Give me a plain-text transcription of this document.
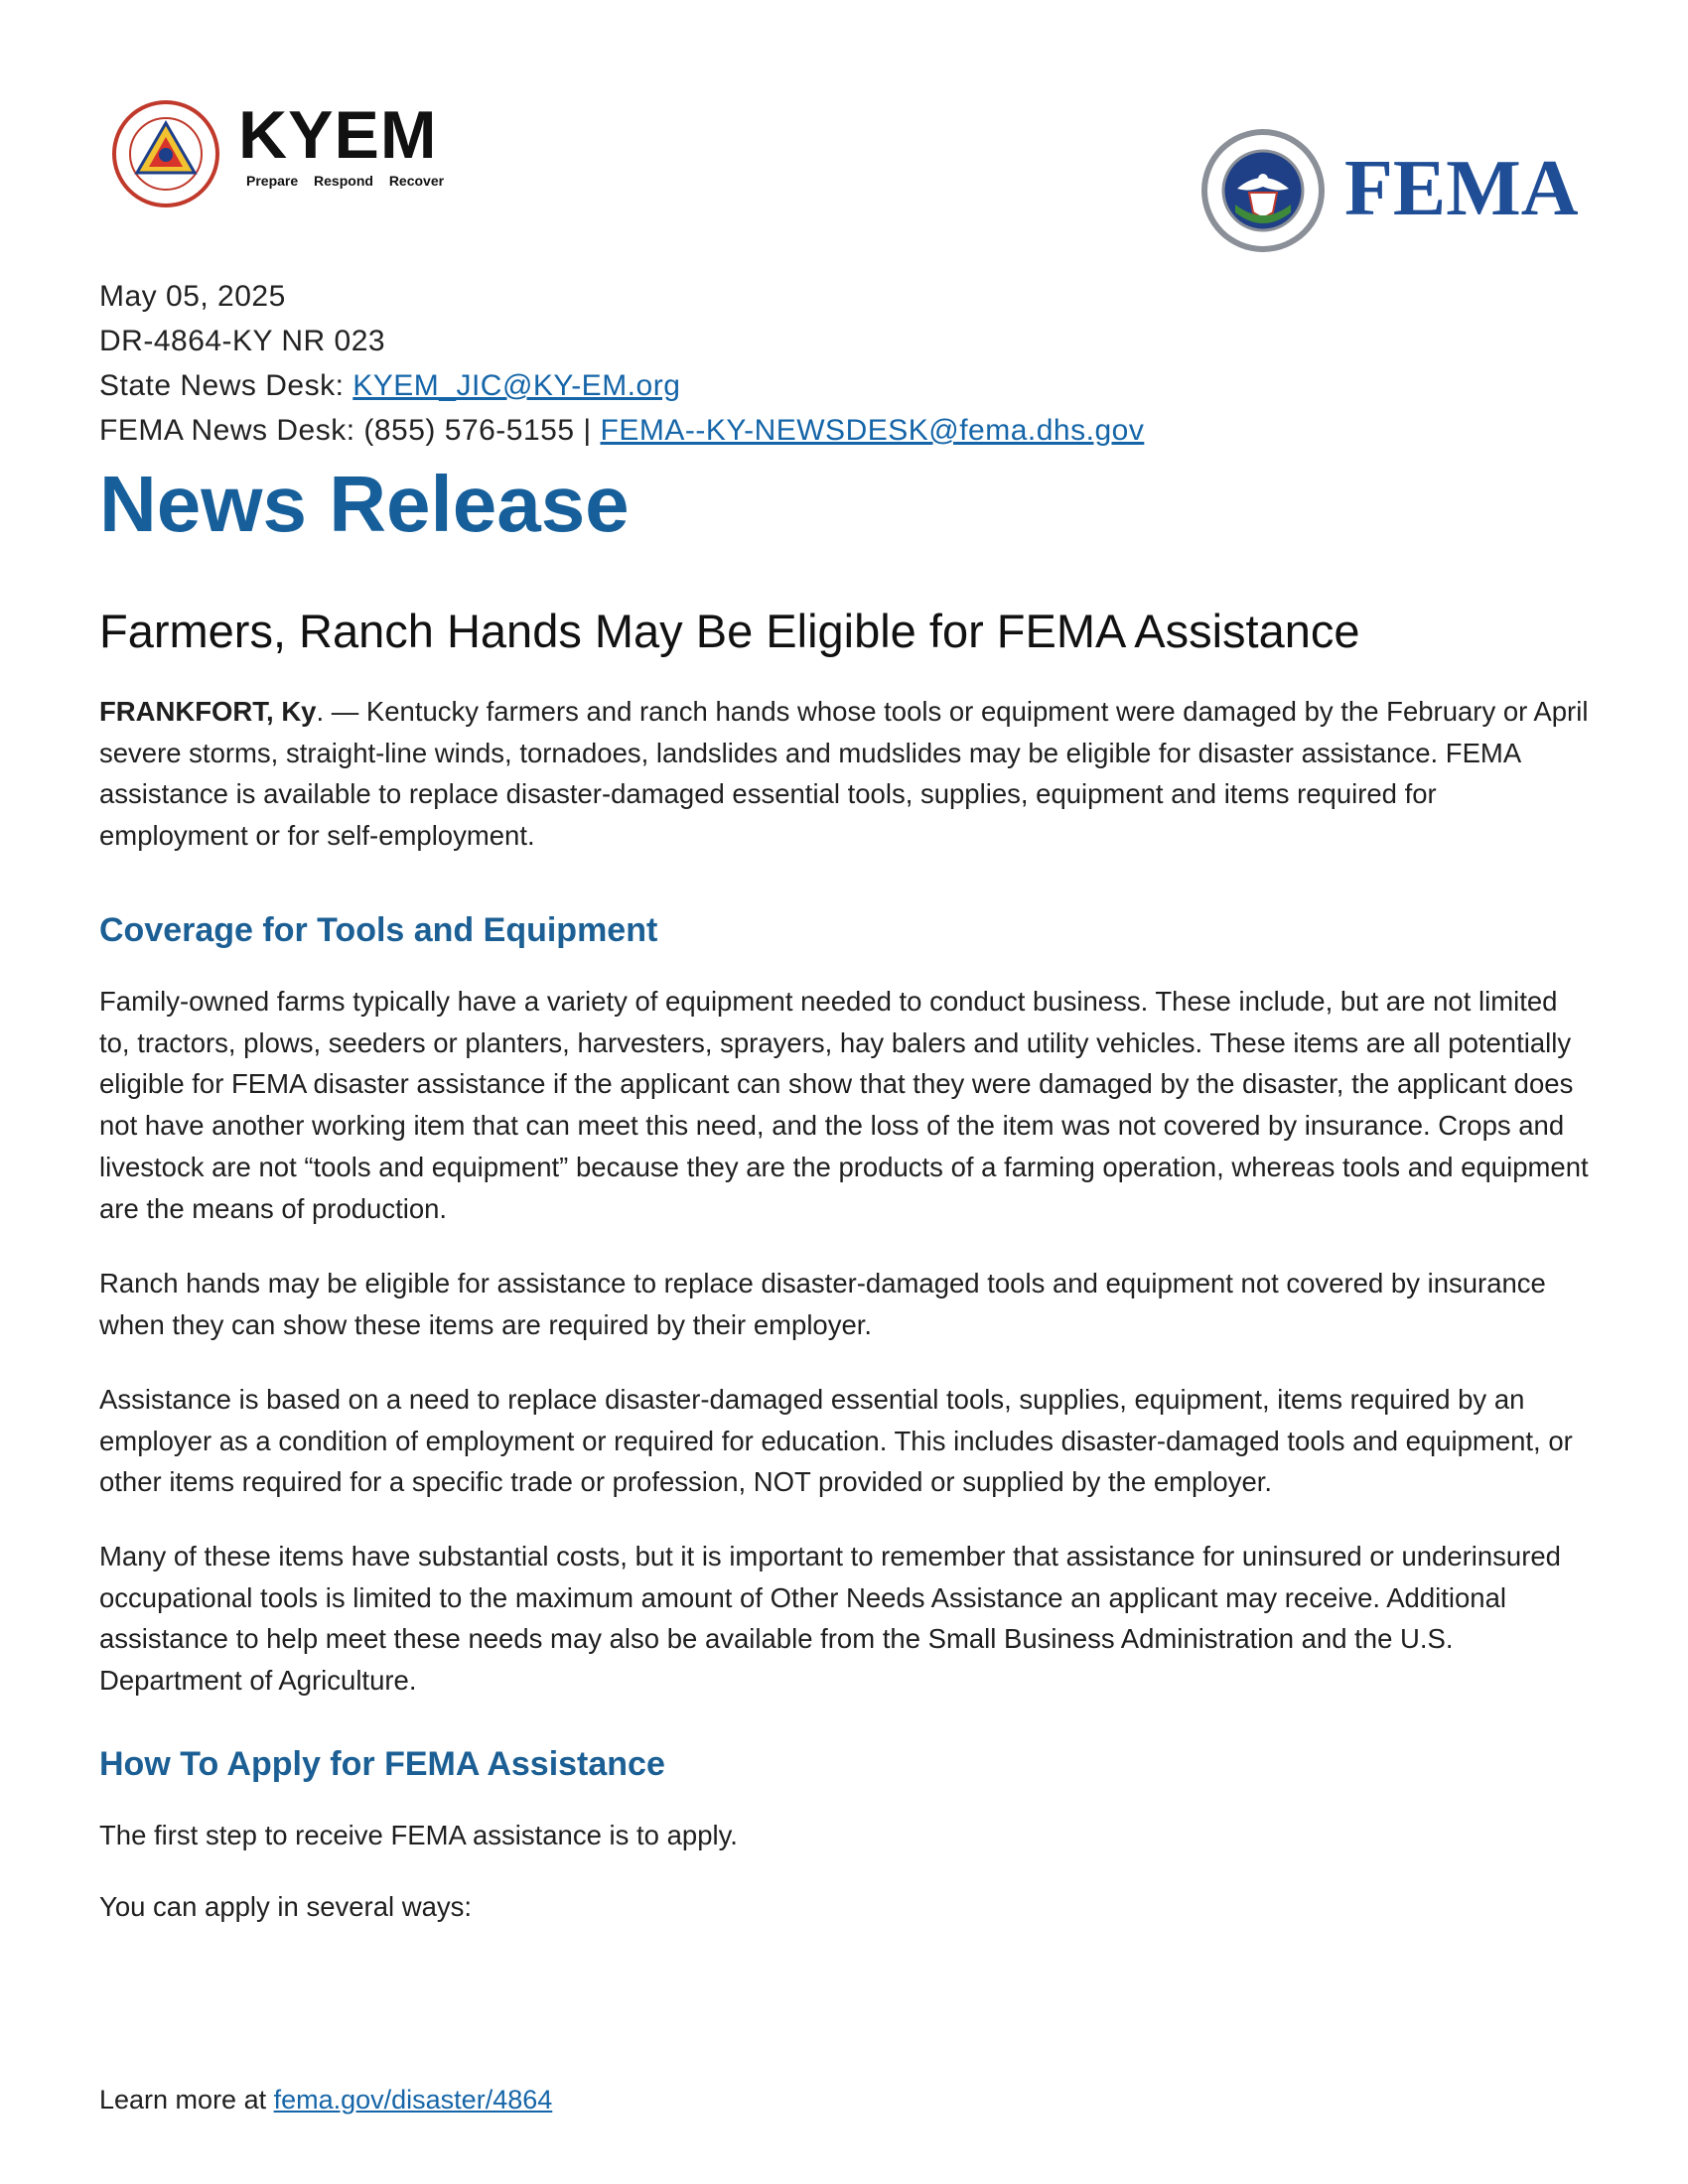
KYEM
Prepare Respond Recover	FEMA
May 05, 2025
DR-4864-KY NR 023
State News Desk: KYEM_JIC@KY-EM.org
FEMA News Desk: (855) 576-5155 | FEMA--KY-NEWSDESK@fema.dhs.gov
News Release
Farmers, Ranch Hands May Be Eligible for FEMA Assistance

FRANKFORT, Ky. — Kentucky farmers and ranch hands whose tools or equipment were damaged by the February or April severe storms, straight-line winds, tornadoes, landslides and mudslides may be eligible for disaster assistance. FEMA assistance is available to replace disaster-damaged essential tools, supplies, equipment and items required for employment or for self-employment.

Coverage for Tools and Equipment

Family-owned farms typically have a variety of equipment needed to conduct business. These include, but are not limited to, tractors, plows, seeders or planters, harvesters, sprayers, hay balers and utility vehicles. These items are all potentially eligible for FEMA disaster assistance if the applicant can show that they were damaged by the disaster, the applicant does not have another working item that can meet this need, and the loss of the item was not covered by insurance. Crops and livestock are not “tools and equipment” because they are the products of a farming operation, whereas tools and equipment are the means of production.

Ranch hands may be eligible for assistance to replace disaster-damaged tools and equipment not covered by insurance when they can show these items are required by their employer.

Assistance is based on a need to replace disaster-damaged essential tools, supplies, equipment, items required by an employer as a condition of employment or required for education. This includes disaster-damaged tools and equipment, or other items required for a specific trade or profession, NOT provided or supplied by the employer.

Many of these items have substantial costs, but it is important to remember that assistance for uninsured or underinsured occupational tools is limited to the maximum amount of Other Needs Assistance an applicant may receive. Additional assistance to help meet these needs may also be available from the Small Business Administration and the U.S. Department of Agriculture.

How To Apply for FEMA Assistance

The first step to receive FEMA assistance is to apply.

You can apply in several ways:

Learn more at fema.gov/disaster/4864
